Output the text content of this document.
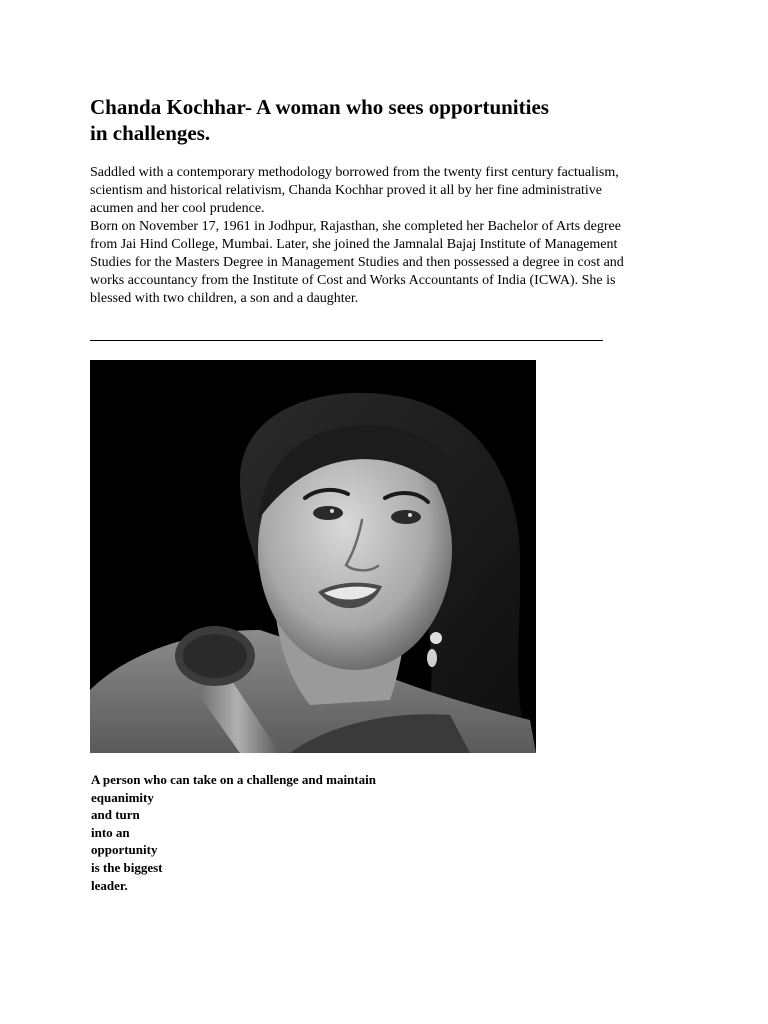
Chanda Kochhar- A woman who sees opportunities
in challenges.
Saddled with a contemporary methodology borrowed from the twenty first century factualism,
scientism and historical relativism, Chanda Kochhar proved it all by her fine administrative
acumen and her cool prudence.
Born on November 17, 1961 in Jodhpur, Rajasthan, she completed her Bachelor of Arts degree
from Jai Hind College, Mumbai. Later, she joined the Jamnalal Bajaj Institute of Management
Studies for the Masters Degree in Management Studies and then possessed a degree in cost and
works accountancy from the Institute of Cost and Works Accountants of India (ICWA). She is
blessed with two children, a son and a daughter.
A person who can take on a challenge and maintain
equanimity
and turn
into an
opportunity
is the biggest
leader.
